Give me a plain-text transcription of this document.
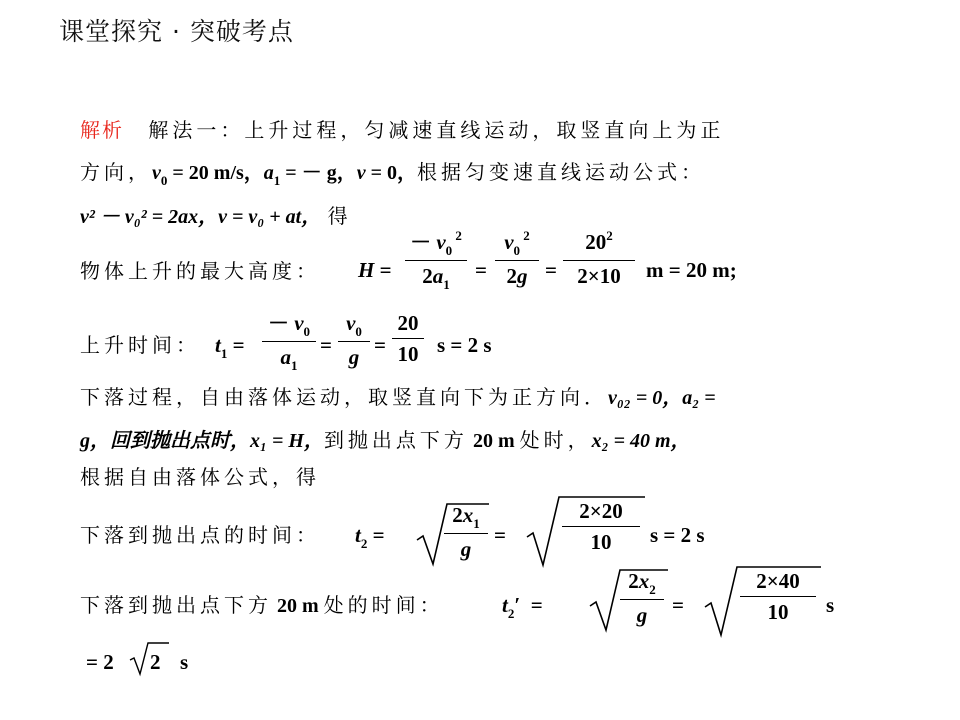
课堂探究 · 突破考点
解析 解法一：上升过程，匀减速直线运动，取竖直向上为正
方向，$v_0 = 20$ m/s，$a_1$ = － g，v = 0，根据匀变速直线运动公式：
v² － v₀² = 2ax，v = v₀ + at， 得
物体上升的最大高度： H =
－ $v_0$ $^2$
$2a_1$
=
$v_0$ $^2$
2g =
$20^2$
2×10	m = 20 m;
上升时间： $t_1$ =
－ $v_0$
$a_1$
=
$v_0$
g =
20
10 s = 2 s
下落过程，自由落体运动，取竖直向下为正方向．v₀₂ = 0，a₂ =
g，回到抛出点时，x₁ = H，到抛出点下方 20 m 处时，x₂ = 40 m，
根据自由落体公式，得
下落到抛出点的时间： $t_2$ =
$2x_1$
g
=
2×20
10	s = 2 s
下落到抛出点下方 20 m 处的时间：	$t_2'$  =
$2x_2$
g	=
2×40
10	s
= 2 2 s
